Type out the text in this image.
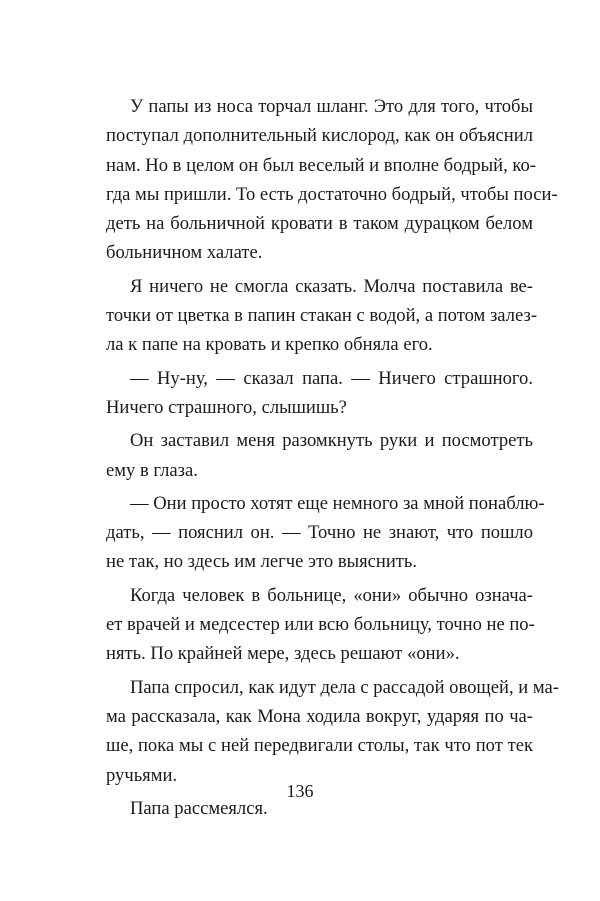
У папы из носа торчал шланг. Это для того, чтобы
поступал дополнительный кислород, как он объяснил
нам. Но в целом он был веселый и вполне бодрый, ко-
гда мы пришли. То есть достаточно бодрый, чтобы поси-
деть на больничной кровати в таком дурацком белом
больничном халате.
Я ничего не смогла сказать. Молча поставила ве-
точки от цветка в папин стакан с водой, а потом залез-
ла к папе на кровать и крепко обняла его.
— Ну-ну, — сказал папа. — Ничего страшного.
Ничего страшного, слышишь?
Он заставил меня разомкнуть руки и посмотреть
ему в глаза.
— Они просто хотят еще немного за мной понаблю-
дать, — пояснил он. — Точно не знают, что пошло
не так, но здесь им легче это выяснить.
Когда человек в больнице, «они» обычно означа-
ет врачей и медсестер или всю больницу, точно не по-
нять. По крайней мере, здесь решают «они».
Папа спросил, как идут дела с рассадой овощей, и ма-
ма рассказала, как Мона ходила вокруг, ударяя по ча-
ше, пока мы с ней передвигали столы, так что пот тек
ручьями.
Папа рассмеялся.
136
